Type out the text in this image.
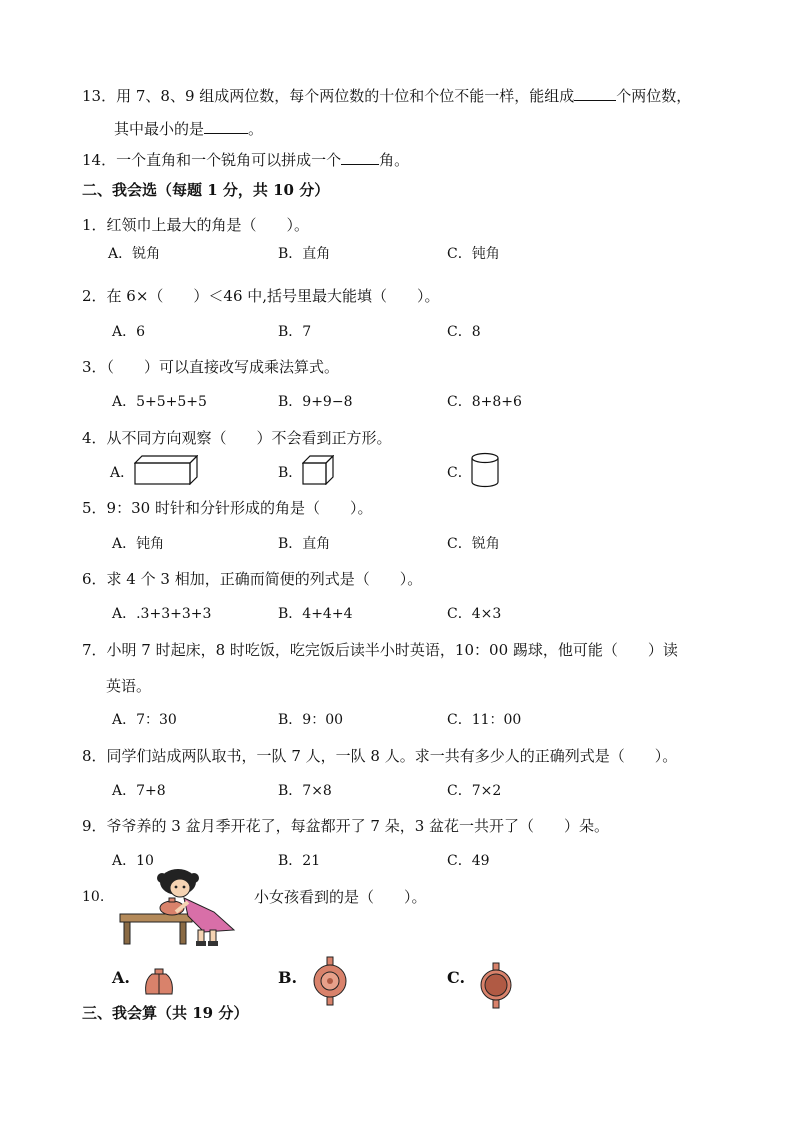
13．用 7、8、9 组成两位数，每个两位数的十位和个位不能一样，能组成	个两位数，
其中最小的是	。
14．一个直角和一个锐角可以拼成一个	角。
二、我会选（每题 1 分，共 10 分）
1．红领巾上最大的角是（　　）。
A．锐角	B．直角	C．钝角
2．在 6×（　　）＜46 中,括号里最大能填（　　）。
A．6	B．7	C．8
3．（　　）可以直接改写成乘法算式。
A．5+5+5+5	B．9+9−8	C．8+8+6
4．从不同方向观察（　　）不会看到正方形。
A．	B．	C．
5．9：30 时针和分针形成的角是（　　）。
A．钝角	B．直角	C．锐角
6．求 4 个 3 相加，正确而简便的列式是（　　）。
A．.3+3+3+3	B．4+4+4	C．4×3
7．小明 7 时起床，8 时吃饭，吃完饭后读半小时英语，10：00 踢球，他可能（　　）读
英语。
A．7：30	B．9：00	C．11：00
8．同学们站成两队取书，一队 7 人，一队 8 人。求一共有多少人的正确列式是（　　）。
A．7+8	B．7×8	C．7×2
9．爷爷养的 3 盆月季开花了，每盆都开了 7 朵，3 盆花一共开了（　　）朵。
A．10	B．21	C．49
10.	小女孩看到的是（　　）。
A.	B.	C.
三、我会算（共 19 分）
